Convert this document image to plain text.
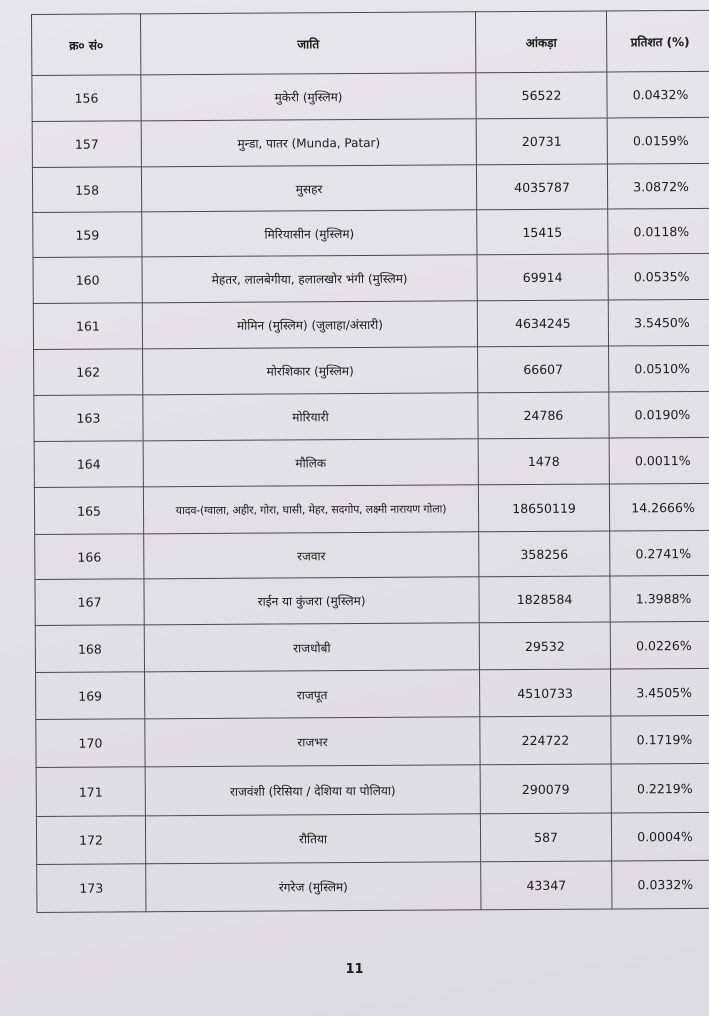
क्र० सं०	जाति	आंकड़ा	प्रतिशत (%)
156	मुकेरी (मुस्लिम)	56522	0.0432%
157	मुन्डा, पातर (Munda, Patar)	20731	0.0159%
158	मुसहर	4035787	3.0872%
159	मिरियासीन (मुस्लिम)	15415	0.0118%
160	मेहतर, लालबेगीया, हलालखोर भंगी (मुस्लिम)	69914	0.0535%
161	मोमिन (मुस्लिम) (जुलाहा/अंसारी)	4634245	3.5450%
162	मोरशिकार (मुस्लिम)	66607	0.0510%
163	मोरियारी	24786	0.0190%
164	मौलिक	1478	0.0011%
165	यादव-(ग्वाला, अहीर, गोरा, घासी, मेहर, सदगोप, लक्ष्मी नारायण गोला)	18650119	14.2666%
166	रजवार	358256	0.2741%
167	राईन या कुंजरा (मुस्लिम)	1828584	1.3988%
168	राजधोबी	29532	0.0226%
169	राजपूत	4510733	3.4505%
170	राजभर	224722	0.1719%
171	राजवंशी (रिसिया / देशिया या पोलिया)	290079	0.2219%
172	रौतिया	587	0.0004%
173	रंगरेज (मुस्लिम)	43347	0.0332%
11
